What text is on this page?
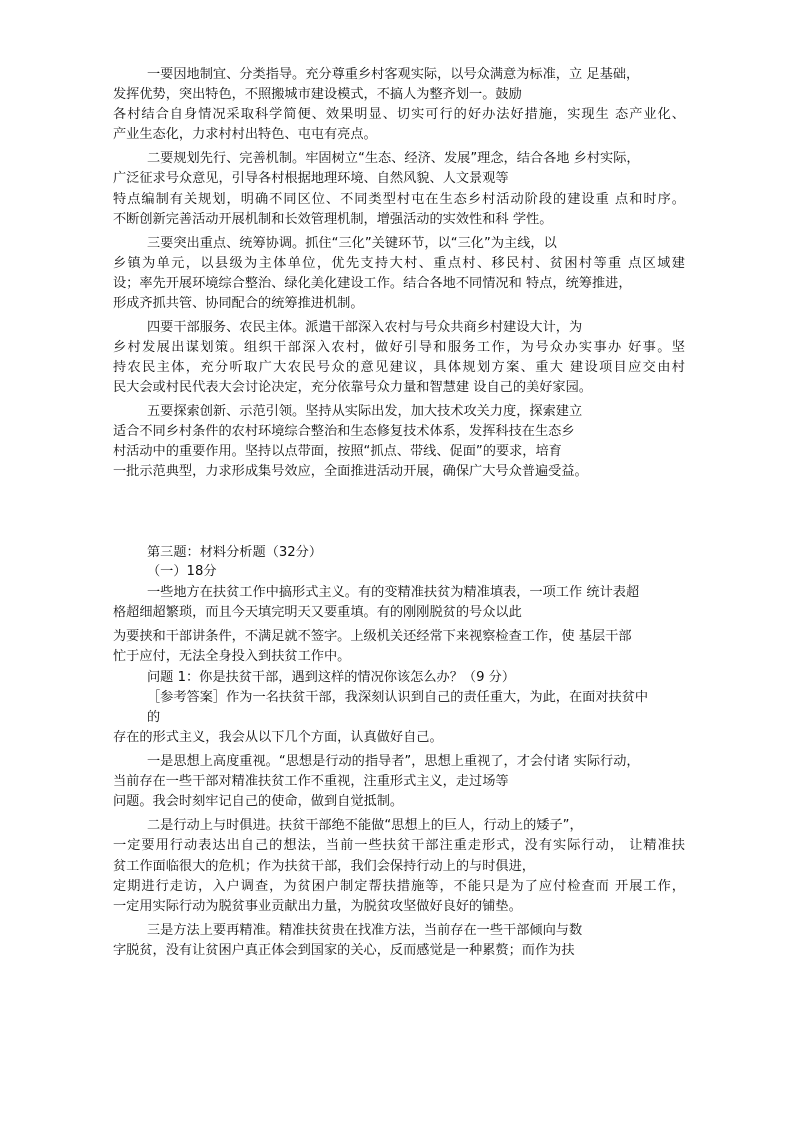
一要因地制宜、分类指导。充分尊重乡村客观实际，以号众满意为标准，立 足基础，
发挥优势，突出特色，不照搬城市建设模式，不搞人为整齐划一。鼓励
各村结合自身情况采取科学简便、效果明显、切实可行的好办法好措施，实现生 态产业化、
产业生态化，力求村村出特色、屯屯有亮点。
二要规划先行、完善机制。牢固树立“生态、经济、发展”理念，结合各地 乡村实际，
广泛征求号众意见，引导各村根据地理环境、自然风貌、人文景观等
特点编制有关规划，明确不同区位、不同类型村屯在生态乡村活动阶段的建设重 点和时序。
不断创新完善活动开展机制和长效管理机制，增强活动的实效性和科 学性。
三要突出重点、统筹协调。抓住“三化”关键环节，以“三化”为主线，以
乡镇为单元，以县级为主体单位，优先支持大村、重点村、移民村、贫困村等重 点区域建
设；率先开展环境综合整治、绿化美化建设工作。结合各地不同情况和 特点，统筹推进，
形成齐抓共管、协同配合的统筹推进机制。
四要干部服务、农民主体。派遣干部深入农村与号众共商乡村建设大计，为
乡村发展出谋划策。组织干部深入农村，做好引导和服务工作，为号众办实事办 好事。坚
持农民主体，充分听取广大农民号众的意见建议，具体规划方案、重大 建设项目应交由村
民大会或村民代表大会讨论决定，充分依靠号众力量和智慧建 设自己的美好家园。
五要探索创新、示范引领。坚持从实际出发，加大技术攻关力度，探索建立
适合不同乡村条件的农村环境综合整治和生态修复技术体系，发挥科技在生态乡
村活动中的重要作用。坚持以点带面，按照“抓点、带线、促面”的要求，培育
一批示范典型，力求形成集号效应，全面推进活动开展，确保广大号众普遍受益。
第三题：材料分析题（32分）
（一）18分
一些地方在扶贫工作中搞形式主义。有的变精准扶贫为精准填表，一项工作 统计表超
格超细超繁琐，而且今天填完明天又要重填。有的刚刚脱贫的号众以此
为要挟和干部讲条件，不满足就不签字。上级机关还经常下来视察检查工作，使 基层干部
忙于应付，无法全身投入到扶贫工作中。
问题 1：你是扶贫干部，遇到这样的情况你该怎么办？（9 分）
［参考答案］作为一名扶贫干部，我深刻认识到自己的责任重大，为此，在面对扶贫中
的
存在的形式主义，我会从以下几个方面，认真做好自己。
一是思想上高度重视。“思想是行动的指导者”，思想上重视了，才会付诸 实际行动，
当前存在一些干部对精准扶贫工作不重视，注重形式主义，走过场等
问题。我会时刻牢记自己的使命，做到自觉抵制。
二是行动上与时俱进。扶贫干部绝不能做“思想上的巨人，行动上的矮子”，
一定要用行动表达出自己的想法，当前一些扶贫干部注重走形式，没有实际行动， 让精准扶
贫工作面临很大的危机；作为扶贫干部，我们会保持行动上的与时俱进，
定期进行走访，入户调查，为贫困户制定帮扶措施等，不能只是为了应付检查而 开展工作，
一定用实际行动为脱贫事业贡献出力量，为脱贫攻坚做好良好的铺垫。
三是方法上要再精准。精准扶贫贵在找准方法，当前存在一些干部倾向与数
字脱贫，没有让贫困户真正体会到国家的关心，反而感觉是一种累赘；而作为扶
